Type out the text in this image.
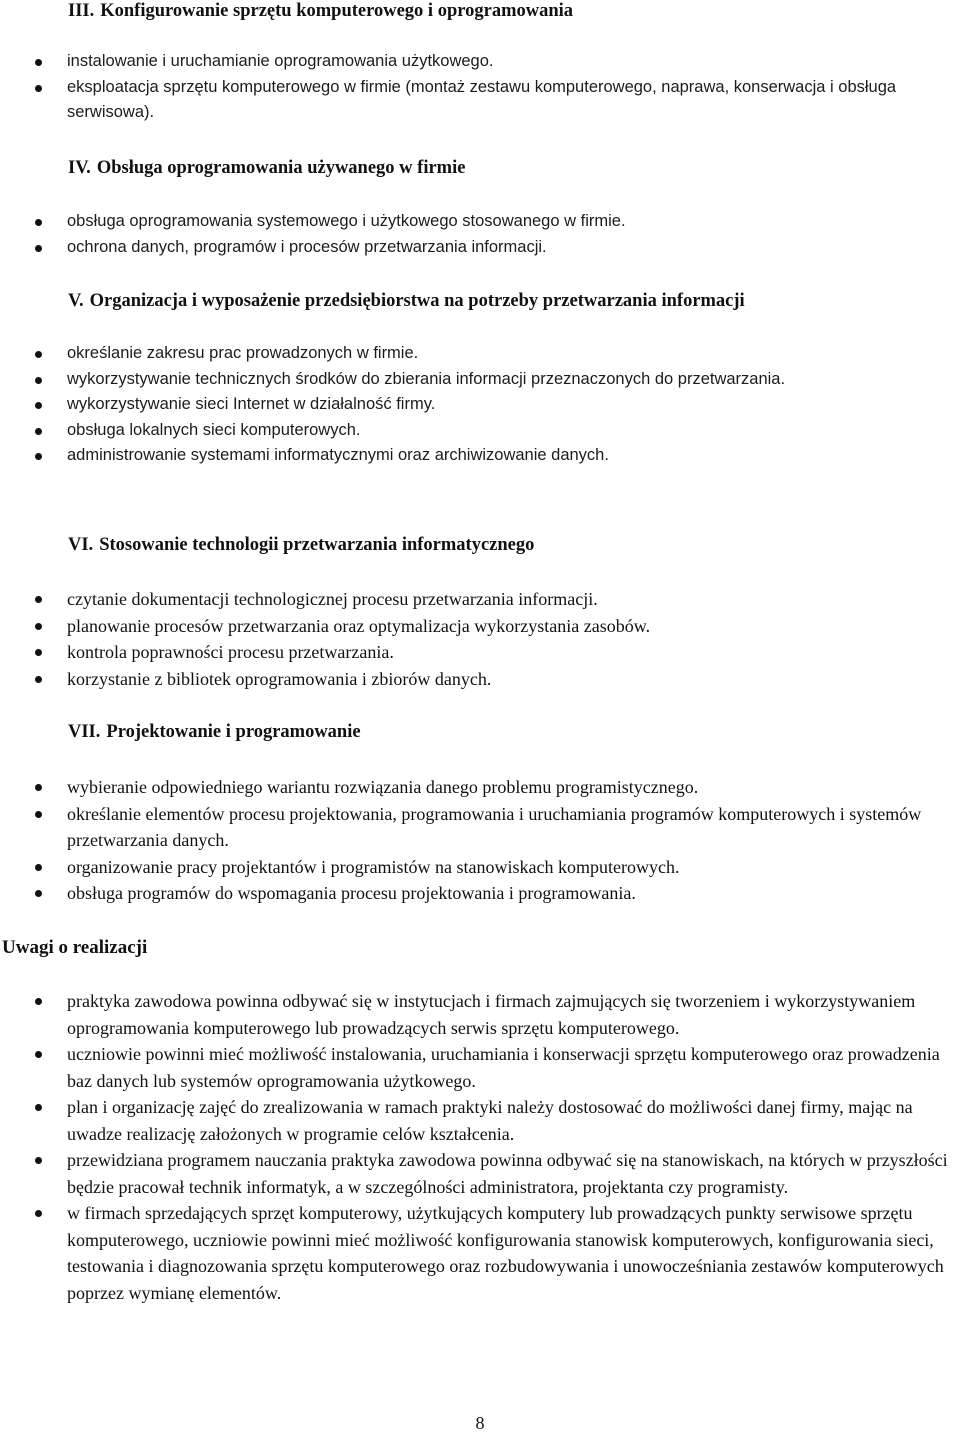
III. Konfigurowanie sprzętu komputerowego i oprogramowania
instalowanie i uruchamianie oprogramowania użytkowego.
eksploatacja sprzętu komputerowego w firmie (montaż zestawu komputerowego, naprawa, konserwacja i obsługa serwisowa).
IV. Obsługa oprogramowania używanego w firmie
obsługa oprogramowania systemowego i użytkowego stosowanego w firmie.
ochrona danych, programów i procesów przetwarzania informacji.
V. Organizacja i wyposażenie przedsiębiorstwa na potrzeby przetwarzania informacji
określanie zakresu prac prowadzonych w firmie.
wykorzystywanie technicznych środków do zbierania informacji przeznaczonych do przetwarzania.
wykorzystywanie sieci Internet w działalność firmy.
obsługa lokalnych sieci komputerowych.
administrowanie systemami informatycznymi oraz archiwizowanie danych.
VI. Stosowanie technologii przetwarzania informatycznego
czytanie dokumentacji technologicznej procesu przetwarzania informacji.
planowanie procesów przetwarzania oraz optymalizacja wykorzystania zasobów.
kontrola poprawności procesu przetwarzania.
korzystanie z bibliotek oprogramowania i zbiorów danych.
VII. Projektowanie i programowanie
wybieranie odpowiedniego wariantu rozwiązania danego problemu programistycznego.
określanie elementów procesu projektowania, programowania i uruchamiania programów komputerowych i systemów przetwarzania danych.
organizowanie pracy projektantów i programistów na stanowiskach komputerowych.
obsługa programów do wspomagania procesu projektowania i programowania.
Uwagi o realizacji
praktyka zawodowa powinna odbywać się w instytucjach i firmach zajmujących się tworzeniem i wykorzystywaniem oprogramowania komputerowego lub prowadzących serwis sprzętu komputerowego.
uczniowie powinni mieć możliwość instalowania, uruchamiania i konserwacji sprzętu komputerowego oraz prowadzenia baz danych lub systemów oprogramowania użytkowego.
plan i organizację zajęć do zrealizowania w ramach praktyki należy dostosować do możliwości danej firmy, mając na uwadze realizację założonych w programie celów kształcenia.
przewidziana programem nauczania praktyka zawodowa powinna odbywać się na stanowiskach, na których w przyszłości będzie pracował technik informatyk, a w szczególności administratora, projektanta czy programisty.
w firmach sprzedających sprzęt komputerowy, użytkujących komputery lub prowadzących punkty serwisowe sprzętu komputerowego, uczniowie powinni mieć możliwość konfigurowania stanowisk komputerowych, konfigurowania sieci, testowania i diagnozowania sprzętu komputerowego oraz rozbudowywania i unowocześniania zestawów komputerowych poprzez wymianę elementów.
8
